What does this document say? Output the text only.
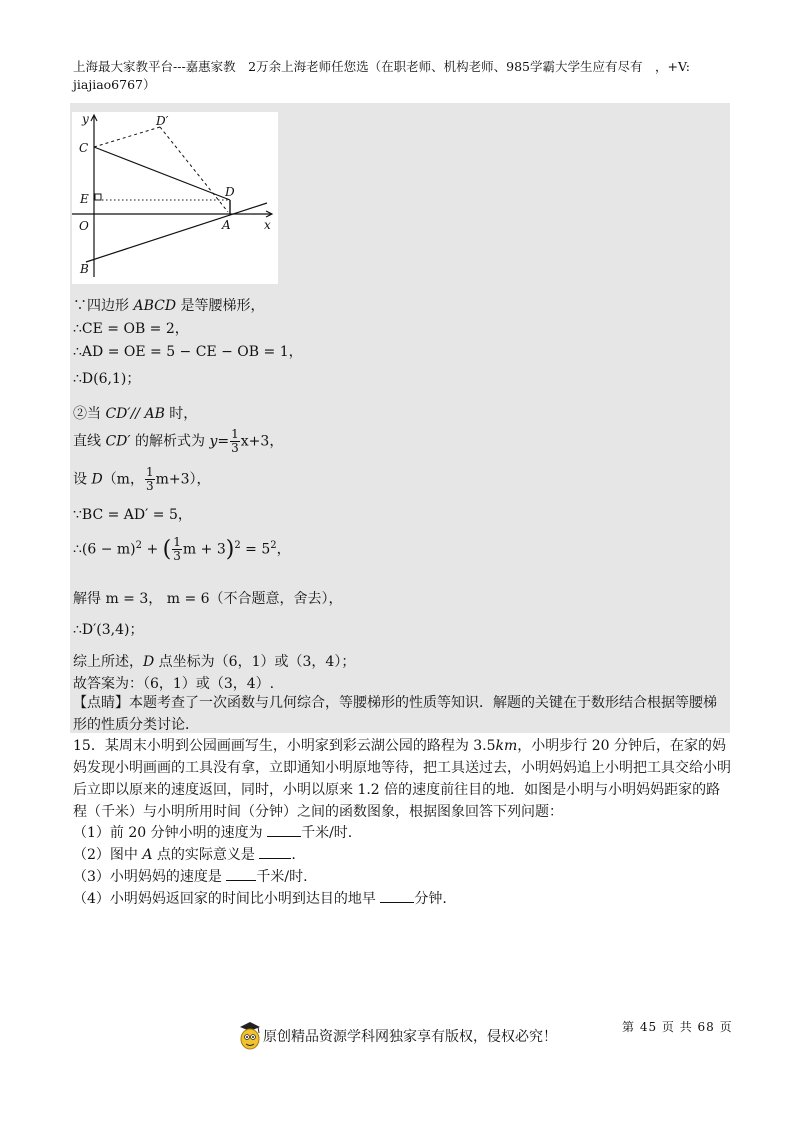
上海最大家教平台---嘉惠家教　2万余上海老师任您选（在职老师、机构老师、985学霸大学生应有尽有　，+V:
jiajiao6767）
y
x
C
D′
D
E
O	A
B
∵四边形 ABCD 是等腰梯形，
∴CE = OB = 2，
∴AD = OE = 5 − CE − OB = 1，
∴D(6,1)；
②当 CD′// AB 时，
直线 CD′ 的解析式为 $y= \frac{1}{3} x+3$，
设 D（m， $\frac{1}{3} m+3$），
∵BC = AD′ = 5，
∴(6 − m)$^2$ + ( $\frac{1}{3}$ $m + 3)^2 = 5^2$，
解得 m = 3， m = 6（不合题意，舍去），
∴D′(3,4)；
综上所述，D 点坐标为（6，1）或（3，4）；
故答案为：（6，1）或（3，4）.
【点睛】本题考查了一次函数与几何综合，等腰梯形的性质等知识．解题的关键在于数形结合根据等腰梯形的性质分类讨论．
15．某周末小明到公园画画写生，小明家到彩云湖公园的路程为 3.5km，小明步行 20 分钟后，在家的妈妈发现小明画画的工具没有拿，立即通知小明原地等待，把工具送过去，小明妈妈追上小明把工具交给小明后立即以原来的速度返回，同时，小明以原来 1.2 倍的速度前往目的地．如图是小明与小明妈妈距家的路程（千米）与小明所用时间（分钟）之间的函数图象，根据图象回答下列问题：
（1）前 20 分钟小明的速度为 千米/时.
（2）图中 A 点的实际意义是 .
（3）小明妈妈的速度是 千米/时.
（4）小明妈妈返回家的时间比小明到达目的地早 分钟.
原创精品资源学科网独家享有版权，侵权必究！
第 45 页 共 68 页
